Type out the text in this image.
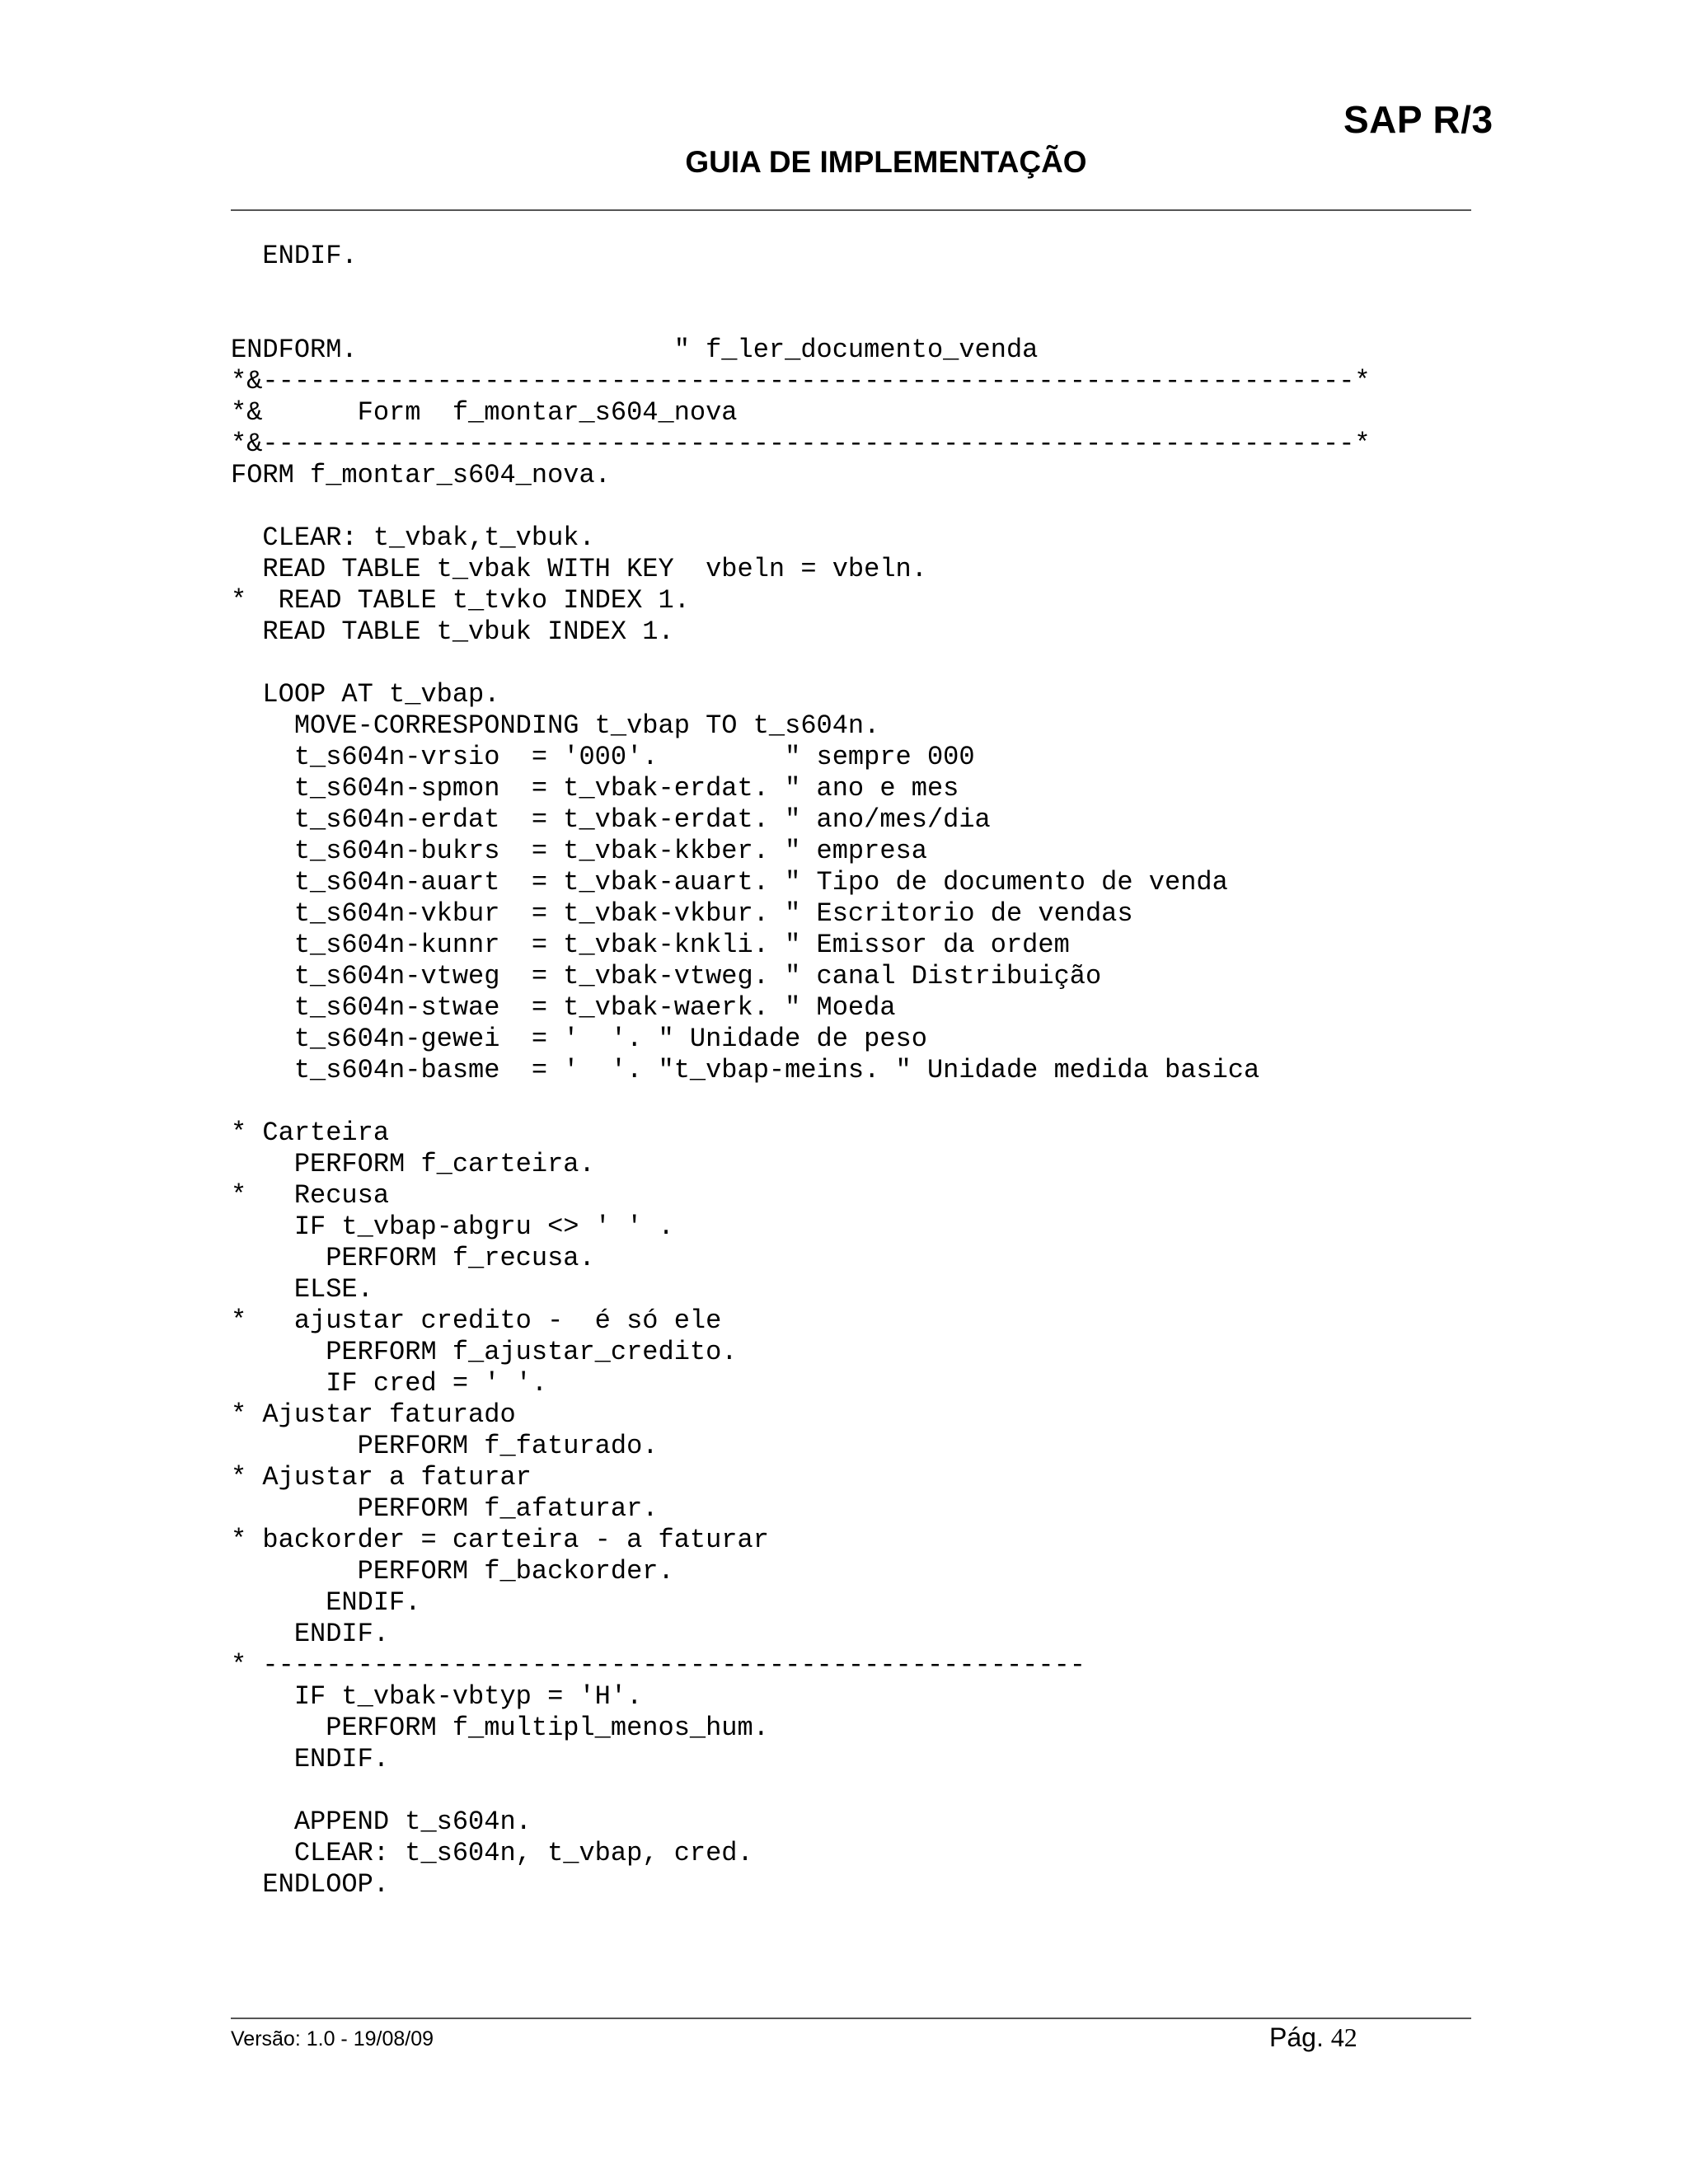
SAP R/3
GUIA DE IMPLEMENTAÇÃO
ENDIF.
ENDFORM.                    " f_ler_documento_venda
*&---------------------------------------------------------------------*
*&      Form  f_montar_s604_nova
*&---------------------------------------------------------------------*
FORM f_montar_s604_nova.
CLEAR: t_vbak,t_vbuk.
READ TABLE t_vbak WITH KEY  vbeln = vbeln.
*  READ TABLE t_tvko INDEX 1.
READ TABLE t_vbuk INDEX 1.
LOOP AT t_vbap.
MOVE-CORRESPONDING t_vbap TO t_s604n.
t_s604n-vrsio  = '000'.        " sempre 000
t_s604n-spmon  = t_vbak-erdat. " ano e mes
t_s604n-erdat  = t_vbak-erdat. " ano/mes/dia
t_s604n-bukrs  = t_vbak-kkber. " empresa
t_s604n-auart  = t_vbak-auart. " Tipo de documento de venda
t_s604n-vkbur  = t_vbak-vkbur. " Escritorio de vendas
t_s604n-kunnr  = t_vbak-knkli. " Emissor da ordem
t_s604n-vtweg  = t_vbak-vtweg. " canal Distribuição
t_s604n-stwae  = t_vbak-waerk. " Moeda
t_s604n-gewei  = '  '. " Unidade de peso
t_s604n-basme  = '  '. "t_vbap-meins. " Unidade medida basica
* Carteira
PERFORM f_carteira.
*   Recusa
IF t_vbap-abgru <> ' ' .
PERFORM f_recusa.
ELSE.
*   ajustar credito -  é só ele
PERFORM f_ajustar_credito.
IF cred = ' '.
* Ajustar faturado
PERFORM f_faturado.
* Ajustar a faturar
PERFORM f_afaturar.
* backorder = carteira - a faturar
PERFORM f_backorder.
ENDIF.
ENDIF.
* ----------------------------------------------------
IF t_vbak-vbtyp = 'H'.
PERFORM f_multipl_menos_hum.
ENDIF.
APPEND t_s604n.
CLEAR: t_s604n, t_vbap, cred.
ENDLOOP.
Versão: 1.0 - 19/08/09	Pág. 42
